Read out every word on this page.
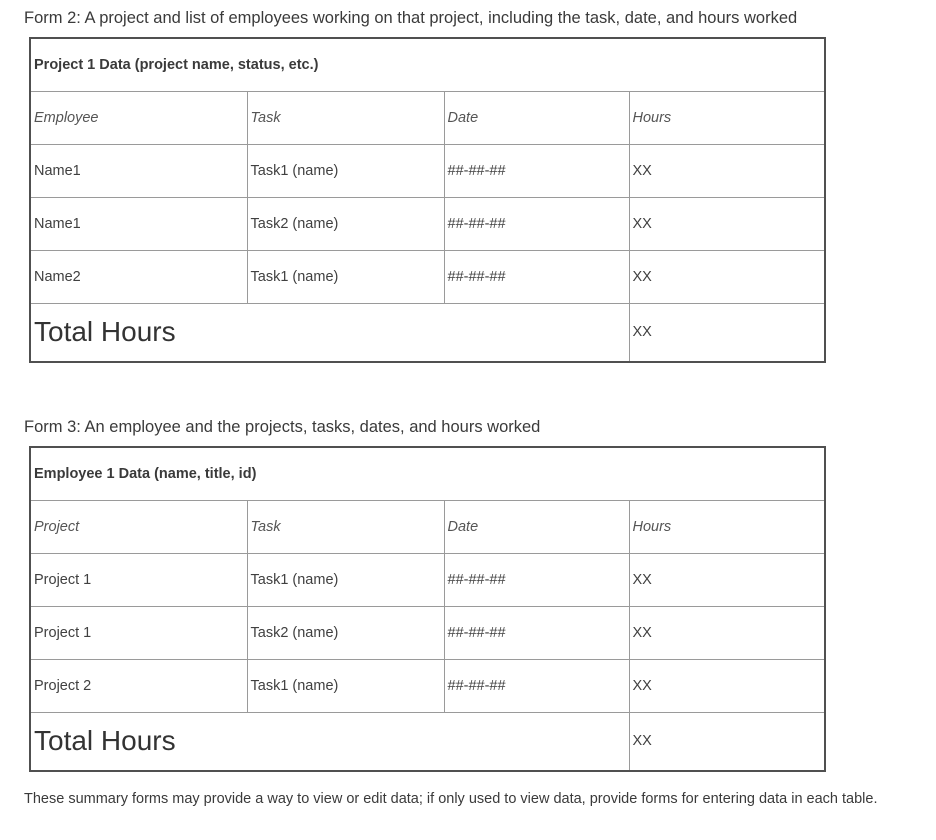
Form 2: A project and list of employees working on that project, including the task, date, and hours worked
Project 1 Data (project name, status, etc.)			
Employee	Task	Date	Hours
Name1	Task1 (name)	##-##-##	XX
Name1	Task2 (name)	##-##-##	XX
Name2	Task1 (name)	##-##-##	XX
Total Hours			XX
Form 3: An employee and the projects, tasks, dates, and hours worked
Employee 1 Data (name, title, id)			
Project	Task	Date	Hours
Project 1	Task1 (name)	##-##-##	XX
Project 1	Task2 (name)	##-##-##	XX
Project 2	Task1 (name)	##-##-##	XX
Total Hours			XX

These summary forms may provide a way to view or edit data; if only used to view data, provide forms for entering data in each table.
